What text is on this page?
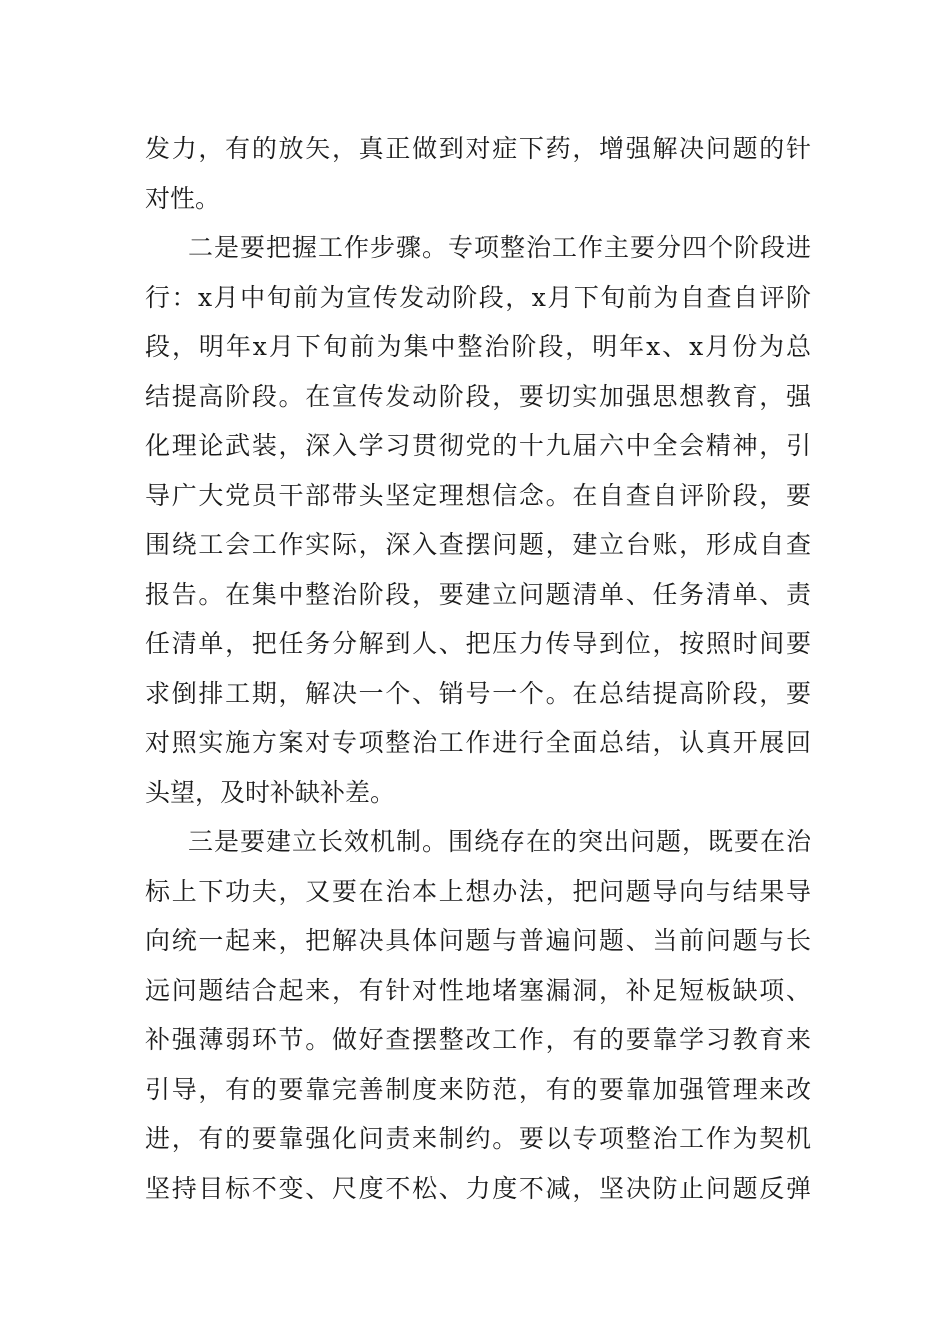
发力，有的放矢，真正做到对症下药，增强解决问题的针
对性。
二是要把握工作步骤。专项整治工作主要分四个阶段进
行：x月中旬前为宣传发动阶段，x月下旬前为自查自评阶
段，明年x月下旬前为集中整治阶段，明年x、x月份为总
结提高阶段。在宣传发动阶段，要切实加强思想教育，强
化理论武装，深入学习贯彻党的十九届六中全会精神，引
导广大党员干部带头坚定理想信念。在自查自评阶段，要
围绕工会工作实际，深入查摆问题，建立台账，形成自查
报告。在集中整治阶段，要建立问题清单、任务清单、责
任清单，把任务分解到人、把压力传导到位，按照时间要
求倒排工期，解决一个、销号一个。在总结提高阶段，要
对照实施方案对专项整治工作进行全面总结，认真开展回
头望，及时补缺补差。
三是要建立长效机制。围绕存在的突出问题，既要在治
标上下功夫，又要在治本上想办法，把问题导向与结果导
向统一起来，把解决具体问题与普遍问题、当前问题与长
远问题结合起来，有针对性地堵塞漏洞，补足短板缺项、
补强薄弱环节。做好查摆整改工作，有的要靠学习教育来
引导，有的要靠完善制度来防范，有的要靠加强管理来改
进，有的要靠强化问责来制约。要以专项整治工作为契机
坚持目标不变、尺度不松、力度不减，坚决防止问题反弹
